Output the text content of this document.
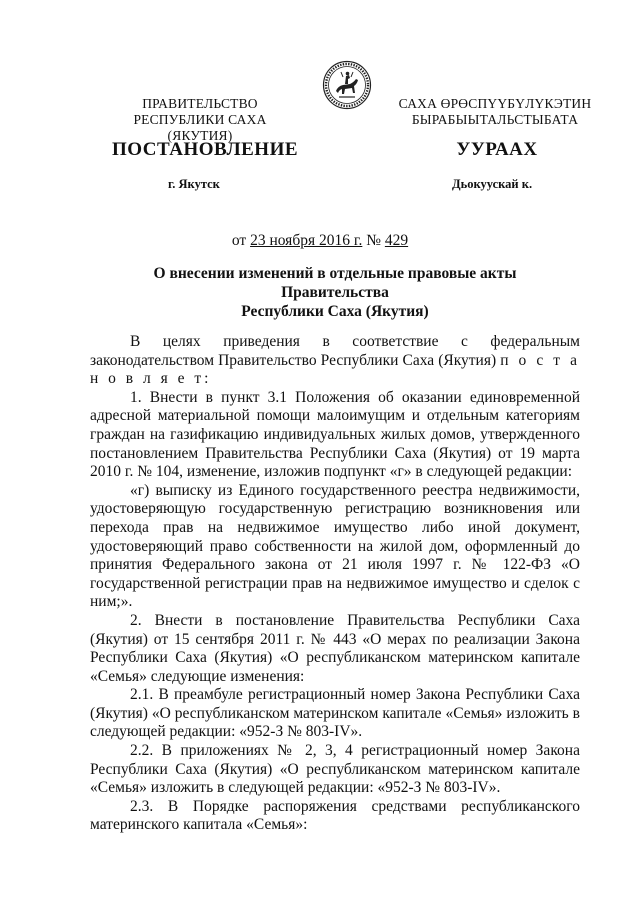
ПРАВИТЕЛЬСТВО
РЕСПУБЛИКИ САХА (ЯКУТИЯ)
САХА ӨРӨСПҮҮБҮЛҮКЭТИН
БЫРАБЫЫТАЛЬСТЫБАТА
ПОСТАНОВЛЕНИЕ	УУРААХ
г. Якутск	Дьокуускай к.
от 23 ноября 2016 г. № 429
О внесении изменений в отдельные правовые акты Правительства
Республики Саха (Якутия)

В целях приведения в соответствие с федеральным законодательством Правительство Республики Саха (Якутия) п о с т а н о в л я е т:

1. Внести в пункт 3.1 Положения об оказании единовременной адресной материальной помощи малоимущим и отдельным категориям граждан на газификацию индивидуальных жилых домов, утвержденного постановлением Правительства Республики Саха (Якутия) от 19 марта 2010 г. № 104, изменение, изложив подпункт «г» в следующей редакции:

«г) выписку из Единого государственного реестра недвижимости, удостоверяющую государственную регистрацию возникновения или перехода прав на недвижимое имущество либо иной документ, удостоверяющий право собственности на жилой дом, оформленный до принятия Федерального закона от 21 июля 1997 г. № 122-ФЗ «О государственной регистрации прав на недвижимое имущество и сделок с ним;».

2. Внести в постановление Правительства Республики Саха (Якутия) от 15 сентября 2011 г. № 443 «О мерах по реализации Закона Республики Саха (Якутия) «О республиканском материнском капитале «Семья» следующие изменения:

2.1. В преамбуле регистрационный номер Закона Республики Саха (Якутия) «О республиканском материнском капитале «Семья» изложить в следующей редакции: «952-З № 803-IV».

2.2. В приложениях № 2, 3, 4 регистрационный номер Закона Республики Саха (Якутия) «О республиканском материнском капитале «Семья» изложить в следующей редакции: «952-З № 803-IV».

2.3. В Порядке распоряжения средствами республиканского материнского капитала «Семья»:
